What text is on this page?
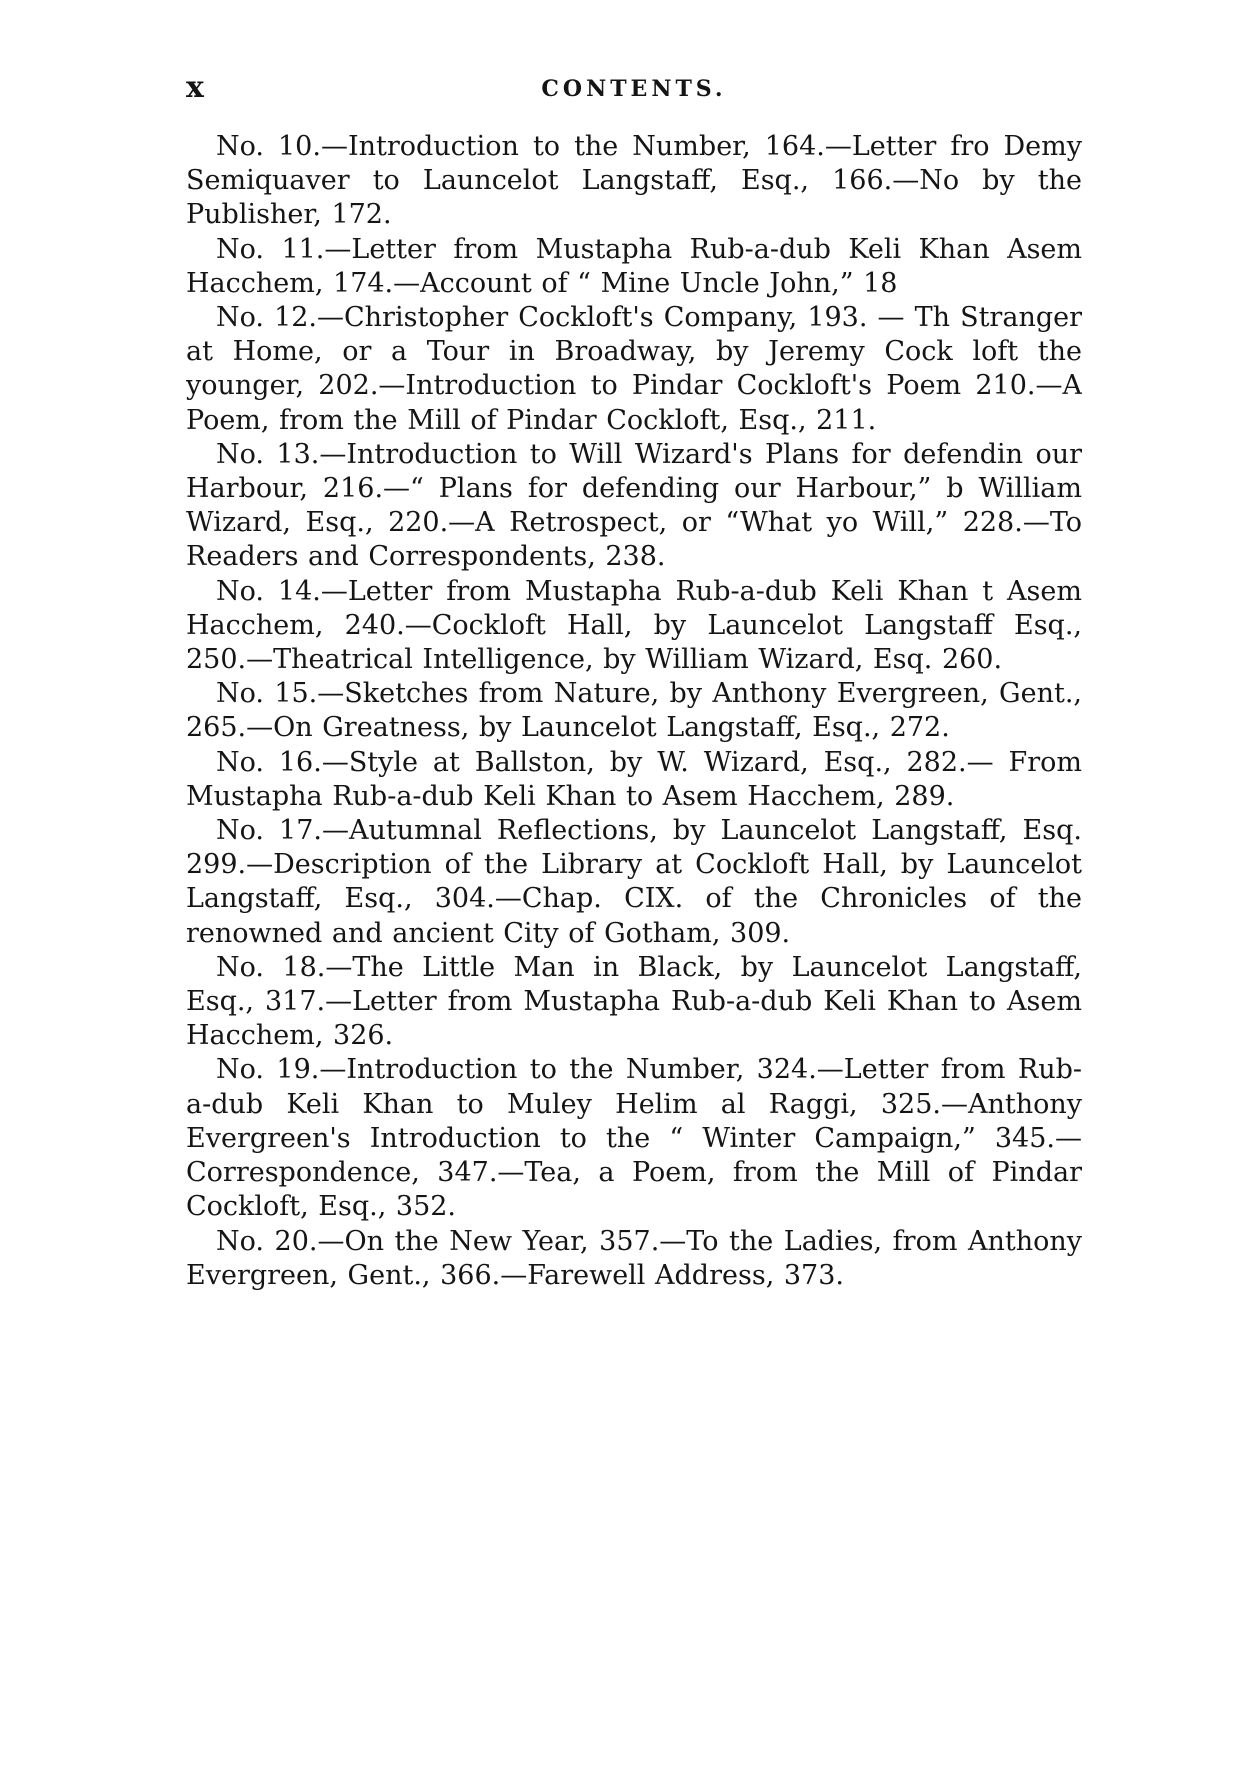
x	CONTENTS.

No. 10.—Introduction to the Number, 164.—Letter fro Demy Semiquaver to Launcelot Langstaff, Esq., 166.—No by the Publisher, 172.

No. 11.—Letter from Mustapha Rub-a-dub Keli Khan Asem Hacchem, 174.—Account of “ Mine Uncle John,” 18

No. 12.—Christopher Cockloft's Company, 193. — Th Stranger at Home, or a Tour in Broadway, by Jeremy Cock loft the younger, 202.—Introduction to Pindar Cockloft's Poem 210.—A Poem, from the Mill of Pindar Cockloft, Esq., 211.

No. 13.—Introduction to Will Wizard's Plans for defendin our Harbour, 216.—“ Plans for defending our Harbour,” b William Wizard, Esq., 220.—A Retrospect, or “What yo Will,” 228.—To Readers and Correspondents, 238.

No. 14.—Letter from Mustapha Rub-a-dub Keli Khan t Asem Hacchem, 240.—Cockloft Hall, by Launcelot Langstaff Esq., 250.—Theatrical Intelligence, by William Wizard, Esq. 260.

No. 15.—Sketches from Nature, by Anthony Evergreen, Gent., 265.—On Greatness, by Launcelot Langstaff, Esq., 272.

No. 16.—Style at Ballston, by W. Wizard, Esq., 282.— From Mustapha Rub-a-dub Keli Khan to Asem Hacchem, 289.

No. 17.—Autumnal Reflections, by Launcelot Langstaff, Esq. 299.—Description of the Library at Cockloft Hall, by Launcelot Langstaff, Esq., 304.—Chap. CIX. of the Chronicles of the renowned and ancient City of Gotham, 309.

No. 18.—The Little Man in Black, by Launcelot Langstaff, Esq., 317.—Letter from Mustapha Rub-a-dub Keli Khan to Asem Hacchem, 326.

No. 19.—Introduction to the Number, 324.—Letter from Rub-a-dub Keli Khan to Muley Helim al Raggi, 325.—Anthony Evergreen's Introduction to the “ Winter Campaign,” 345.—Correspondence, 347.—Tea, a Poem, from the Mill of Pindar Cockloft, Esq., 352.

No. 20.—On the New Year, 357.—To the Ladies, from Anthony Evergreen, Gent., 366.—Farewell Address, 373.
